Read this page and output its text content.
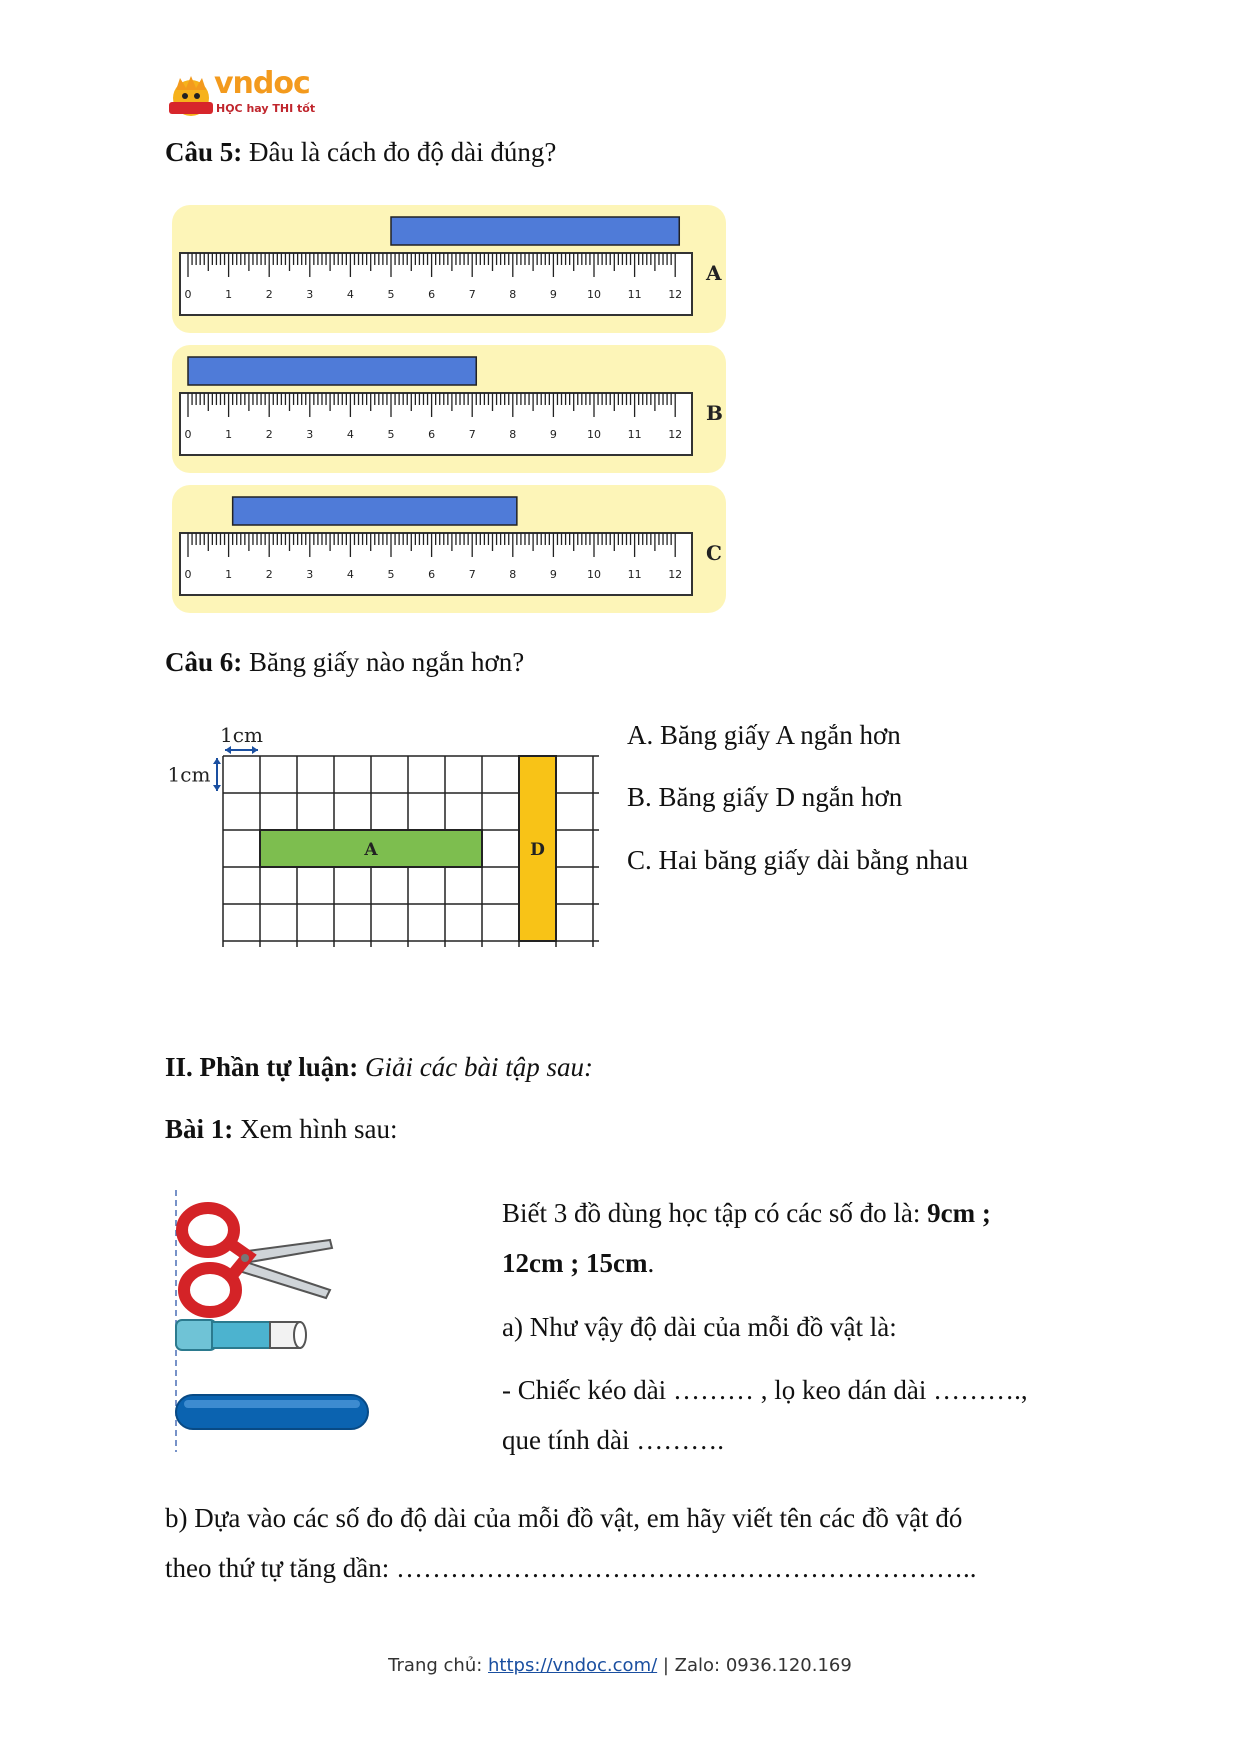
vndoc
HỌC hay THI tốt
Câu 5: Đâu là cách đo độ dài đúng?
0	1	2	3	4	5	6	7	8	9	10 11 12
A
0	1	2	3	4	5	6	7	8	9	10 11 12
B
0	1	2	3	4	5	6	7	8	9	10 11 12
C
Câu 6: Băng giấy nào ngắn hơn?
A	D
1cm
1cm
A. Băng giấy A ngắn hơn
B. Băng giấy D ngắn hơn
C. Hai băng giấy dài bằng nhau
II. Phần tự luận: Giải các bài tập sau:
Bài 1: Xem hình sau:
Biết 3 đồ dùng học tập có các số đo là: 9cm ;
12cm ; 15cm.
a) Như vậy độ dài của mỗi đồ vật là:
- Chiếc kéo dài ……… , lọ keo dán dài ……….,
que tính dài ……….
b) Dựa vào các số đo độ dài của mỗi đồ vật, em hãy viết tên các đồ vật đó
theo thứ tự tăng dần: ………………………………………………………..
Trang chủ: https://vndoc.com/ | Zalo: 0936.120.169
